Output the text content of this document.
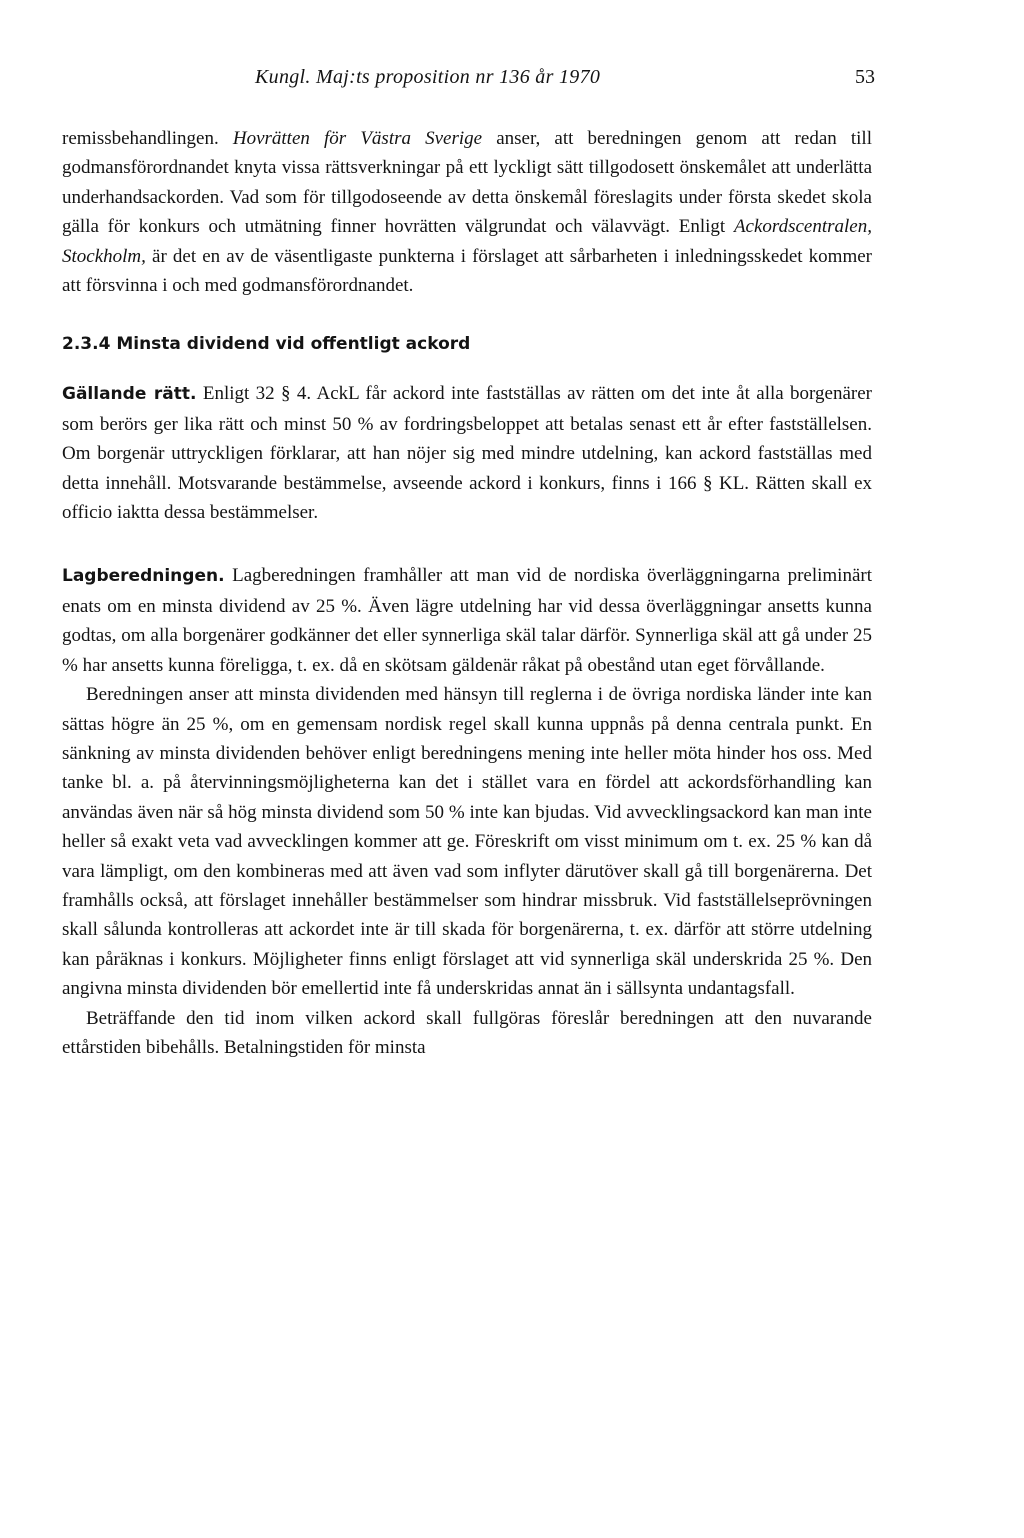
Kungl. Maj:ts proposition nr 136 år 1970	53

remissbehandlingen. Hovrätten för Västra Sverige anser, att beredningen genom att redan till godmansförordnandet knyta vissa rättsverkningar på ett lyckligt sätt tillgodosett önskemålet att underlätta underhandsackorden. Vad som för tillgodoseende av detta önskemål föreslagits under första skedet skola gälla för konkurs och utmätning finner hovrätten välgrundat och välavvägt. Enligt Ackordscentralen, Stockholm, är det en av de väsentligaste punkterna i förslaget att sårbarheten i inledningsskedet kommer att försvinna i och med godmansförordnandet.

2.3.4 Minsta dividend vid offentligt ackord

Gällande rätt. Enligt 32 § 4. AckL får ackord inte fastställas av rätten om det inte åt alla borgenärer som berörs ger lika rätt och minst 50 % av fordringsbeloppet att betalas senast ett år efter fastställelsen. Om borgenär uttryckligen förklarar, att han nöjer sig med mindre utdelning, kan ackord fastställas med detta innehåll. Motsvarande bestämmelse, avseende ackord i konkurs, finns i 166 § KL. Rätten skall ex officio iaktta dessa bestämmelser.

Lagberedningen. Lagberedningen framhåller att man vid de nordiska överläggningarna preliminärt enats om en minsta dividend av 25 %. Även lägre utdelning har vid dessa överläggningar ansetts kunna godtas, om alla borgenärer godkänner det eller synnerliga skäl talar därför. Synnerliga skäl att gå under 25 % har ansetts kunna föreligga, t. ex. då en skötsam gäldenär råkat på obestånd utan eget förvållande.

Beredningen anser att minsta dividenden med hänsyn till reglerna i de övriga nordiska länder inte kan sättas högre än 25 %, om en gemensam nordisk regel skall kunna uppnås på denna centrala punkt. En sänkning av minsta dividenden behöver enligt beredningens mening inte heller möta hinder hos oss. Med tanke bl. a. på återvinningsmöjligheterna kan det i stället vara en fördel att ackordsförhandling kan användas även när så hög minsta dividend som 50 % inte kan bjudas. Vid avvecklingsackord kan man inte heller så exakt veta vad avvecklingen kommer att ge. Föreskrift om visst minimum om t. ex. 25 % kan då vara lämpligt, om den kombineras med att även vad som inflyter därutöver skall gå till borgenärerna. Det framhålls också, att förslaget innehåller bestämmelser som hindrar missbruk. Vid fastställelseprövningen skall sålunda kontrolleras att ackordet inte är till skada för borgenärerna, t. ex. därför att större utdelning kan påräknas i konkurs. Möjligheter finns enligt förslaget att vid synnerliga skäl underskrida 25 %. Den angivna minsta dividenden bör emellertid inte få underskridas annat än i sällsynta undantagsfall.

Beträffande den tid inom vilken ackord skall fullgöras föreslår beredningen att den nuvarande ettårstiden bibehålls. Betalningstiden för minsta
